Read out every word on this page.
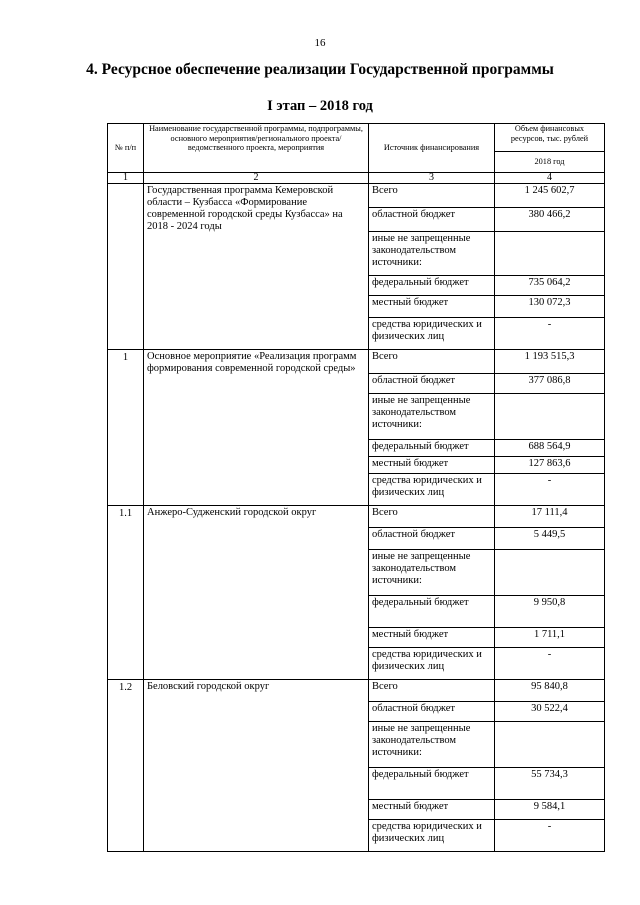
16
4. Ресурсное обеспечение реализации Государственной программы
I этап – 2018 год
№ п/п	Наименование государственной программы, подпрограммы, основного мероприятия/регионального проекта/ведомственного проекта, мероприятия	Источник финансирования	Объем финансовых ресурсов, тыс. рублей
			2018 год
1	2	3	4
	Государственная программа Кемеровской области – Кузбасса «Формирование современной городской среды Кузбасса» на 2018 - 2024 годы	Всего	1 245 602,7
		областной бюджет	380 466,2
		иные не запрещенные законодательством источники:	
		федеральный бюджет	735 064,2
		местный бюджет	130 072,3
		средства юридических и физических лиц	-
1	Основное мероприятие «Реализация программ формирования современной городской среды»	Всего	1 193 515,3
		областной бюджет	377 086,8
		иные не запрещенные законодательством источники:	
		федеральный бюджет	688 564,9
		местный бюджет	127 863,6
		средства юридических и физических лиц	-
1.1	Анжеро-Судженский городской округ	Всего	17 111,4
		областной бюджет	5 449,5
		иные не запрещенные законодательством источники:	
		федеральный бюджет	9 950,8
		местный бюджет	1 711,1
		средства юридических и физических лиц	-
1.2	Беловский городской округ	Всего	95 840,8
		областной бюджет	30 522,4
		иные не запрещенные законодательством источники:	
		федеральный бюджет	55 734,3
		местный бюджет	9 584,1
		средства юридических и физических лиц	-
